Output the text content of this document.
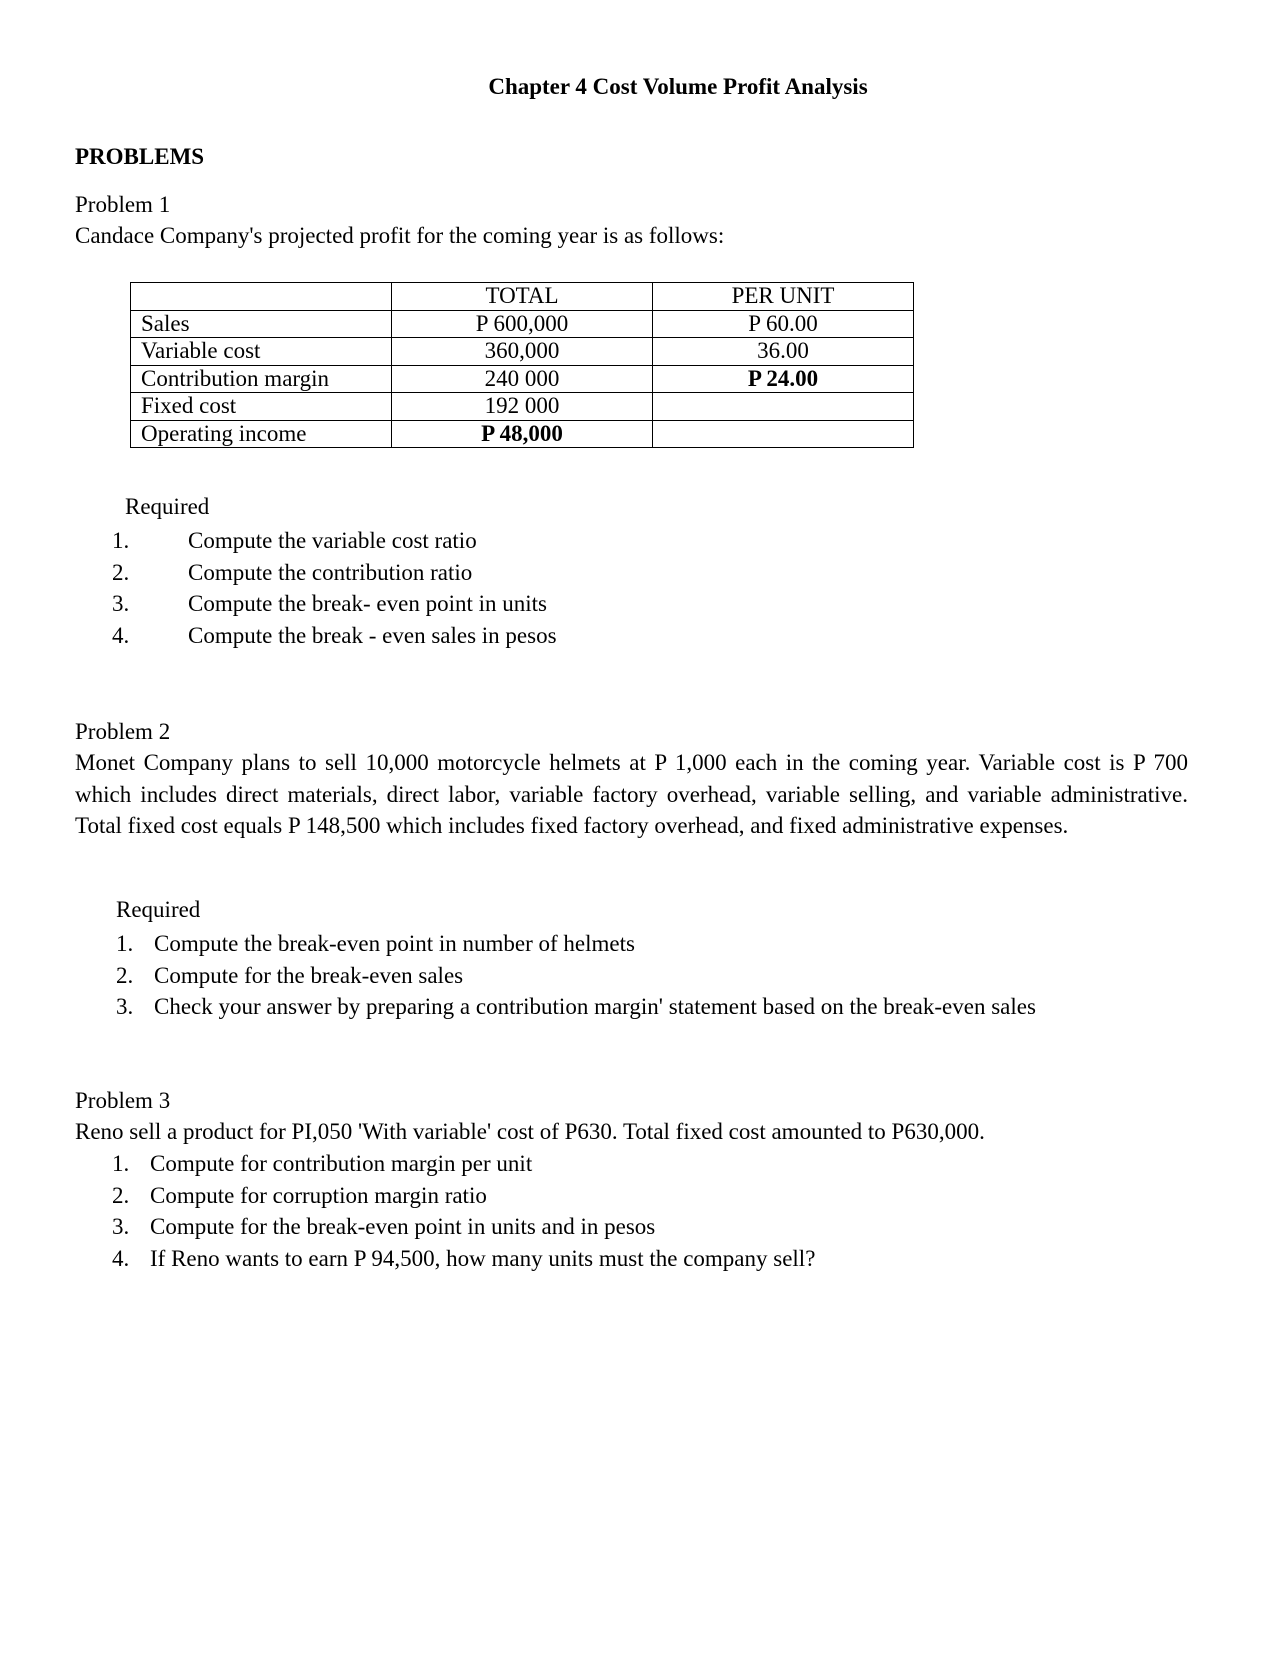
Chapter 4 Cost Volume Profit Analysis
PROBLEMS
Problem 1
Candace Company's projected profit for the coming year is as follows:
	TOTAL	PER UNIT
Sales	P 600,000	P 60.00
Variable cost	360,000	36.00
Contribution margin	240 000	P 24.00
Fixed cost	192 000	
Operating income	P 48,000	
Required
1.	Compute the variable cost ratio
2.	Compute the contribution ratio
3.	Compute the break- even point in units
4.	Compute the break - even sales in pesos
Problem 2
Monet Company plans to sell 10,000 motorcycle helmets at P 1,000 each in the coming year. Variable cost is P 700 which includes direct materials, direct labor, variable factory overhead, variable selling, and variable administrative. Total fixed cost equals P 148,500 which includes fixed factory overhead, and fixed administrative expenses.
Required
1. Compute the break-even point in number of helmets
2. Compute for the break-even sales
3. Check your answer by preparing a contribution margin' statement based on the break-even sales
Problem 3
Reno sell a product for PI,050 'With variable' cost of P630. Total fixed cost amounted to P630,000.
1. Compute for contribution margin per unit
2. Compute for corruption margin ratio
3. Compute for the break-even point in units and in pesos
4. If Reno wants to earn P 94,500, how many units must the company sell?
